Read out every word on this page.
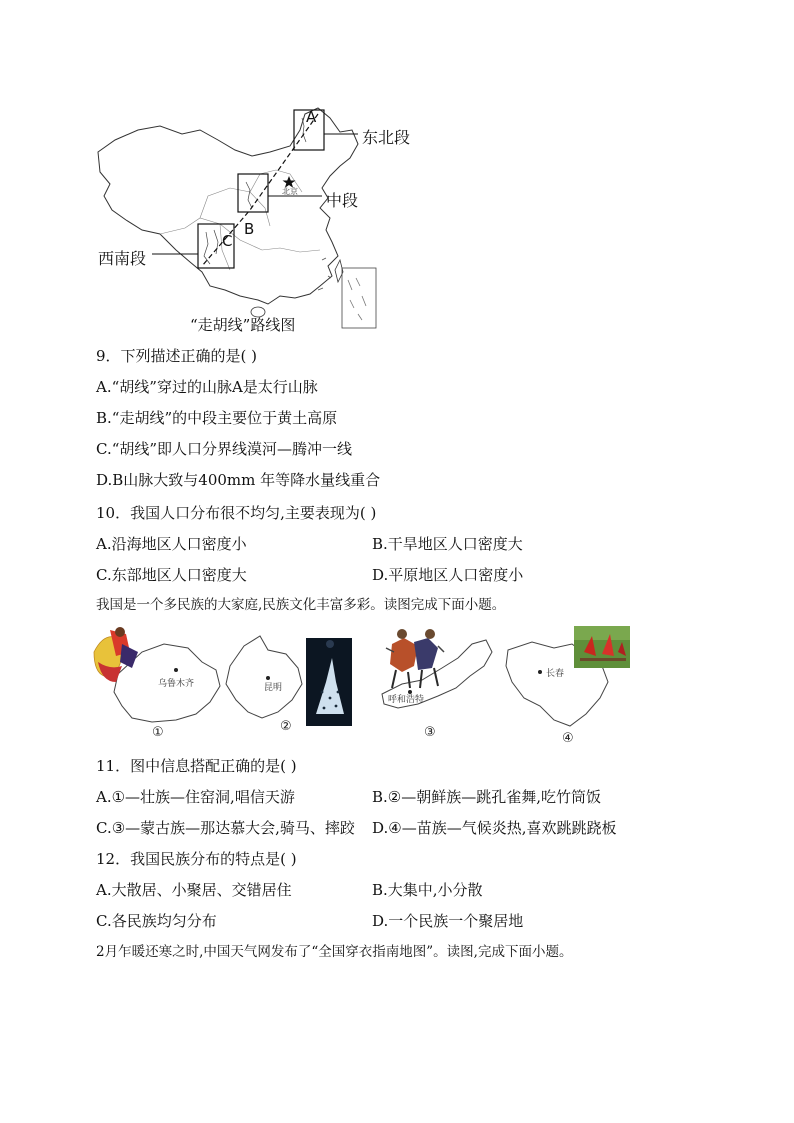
北京
A
B
C
东北段
中段
西南段
“走胡线”路线图
9．下列描述正确的是( )
A.“胡线”穿过的山脉A是太行山脉
B.“走胡线”的中段主要位于黄土高原
C.“胡线”即人口分界线漠河—腾冲一线
D.B山脉大致与400mm 年等降水量线重合
10．我国人口分布很不均匀,主要表现为( )
A.沿海地区人口密度小	B.干旱地区人口密度大
C.东部地区人口密度大	D.平原地区人口密度小
我国是一个多民族的大家庭,民族文化丰富多彩。读图完成下面小题。
乌鲁木齐	昆明
呼和浩特
长春
①	②	③	④
11．图中信息搭配正确的是( )
A.①—壮族—住窑洞,唱信天游	B.②—朝鲜族—跳孔雀舞,吃竹筒饭
C.③—蒙古族—那达慕大会,骑马、摔跤 D.④—苗族—气候炎热,喜欢跳跳跷板
12．我国民族分布的特点是( )
A.大散居、小聚居、交错居住	B.大集中,小分散
C.各民族均匀分布	D.一个民族一个聚居地
2月乍暖还寒之时,中国天气网发布了“全国穿衣指南地图”。读图,完成下面小题。
